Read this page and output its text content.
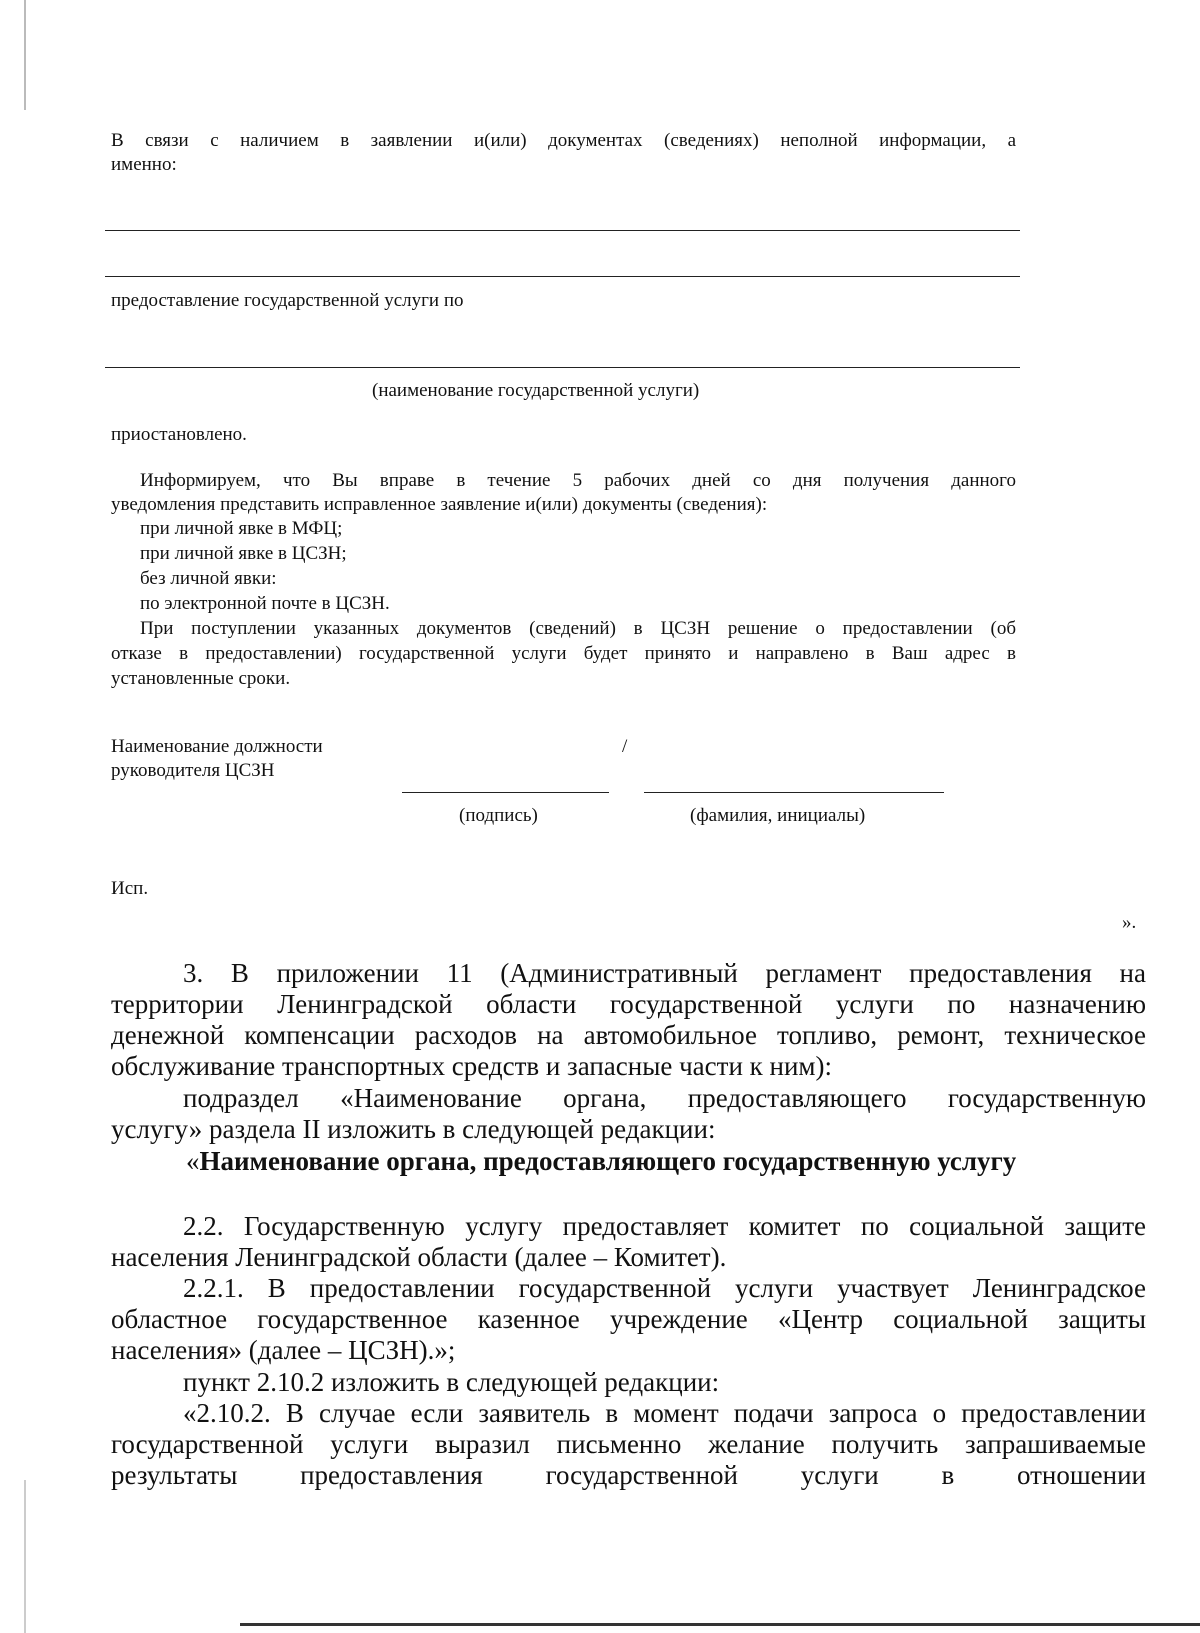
В связи с наличием в заявлении и(или) документах (сведениях) неполной информации, а
именно:
предоставление государственной услуги по
(наименование государственной услуги)
приостановлено.
Информируем, что Вы вправе в течение 5 рабочих дней со дня получения данного
уведомления представить исправленное заявление и(или) документы (сведения):
при личной явке в МФЦ;
при личной явке в ЦСЗН;
без личной явки:
по электронной почте в ЦСЗН.
При поступлении указанных документов (сведений) в ЦСЗН решение о предоставлении (об
отказе в предоставлении) государственной услуги будет принято и направлено в Ваш адрес в
установленные сроки.
Наименование должности
руководителя ЦСЗН
/
(подпись)	(фамилия, инициалы)
Исп.
».
3. В приложении 11 (Административный регламент предоставления на
территории Ленинградской области государственной услуги по назначению
денежной компенсации расходов на автомобильное топливо, ремонт, техническое
обслуживание транспортных средств и запасные части к ним):
подраздел «Наименование органа, предоставляющего государственную
услугу» раздела II изложить в следующей редакции:
«Наименование органа, предоставляющего государственную услугу
2.2. Государственную услугу предоставляет комитет по социальной защите
населения Ленинградской области (далее – Комитет).
2.2.1. В предоставлении государственной услуги участвует Ленинградское
областное государственное казенное учреждение «Центр социальной защиты
населения» (далее – ЦСЗН).»;
пункт 2.10.2 изложить в следующей редакции:
«2.10.2. В случае если заявитель в момент подачи запроса о предоставлении
государственной услуги выразил письменно желание получить запрашиваемые
результаты предоставления государственной услуги в отношении
